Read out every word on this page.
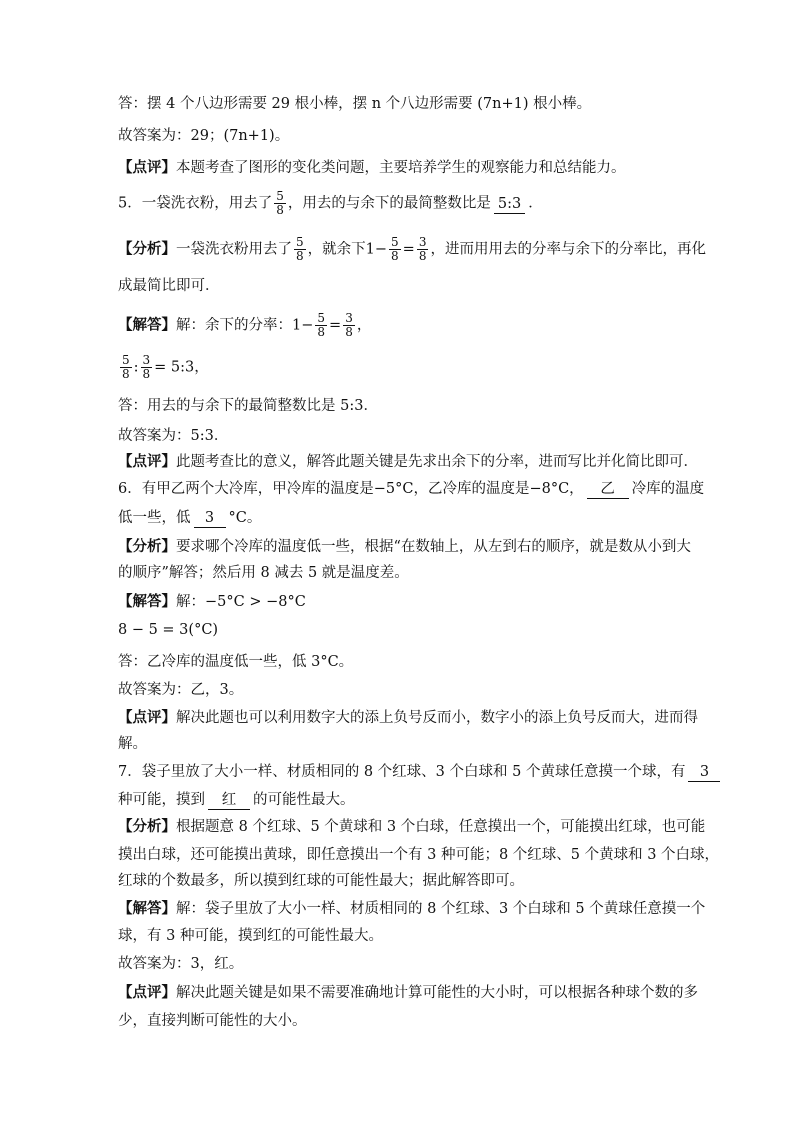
答：摆 4 个八边形需要 29 根小棒，摆 n 个八边形需要 (7n+1) 根小棒。
故答案为：29；(7n+1)。
【点评】本题考查了图形的变化类问题，主要培养学生的观察能力和总结能力。
5．一袋洗衣粉，用去了 $\frac{5}{8}$ ，用去的与余下的最简整数比是 5:3 ．
【分析】一袋洗衣粉用去了 $\frac{5}{8}$ ，就余下$1- \frac{5}{8} = \frac{3}{8}$ ，进而用用去的分率与余下的分率比，再化
成最简比即可．
【解答】解：余下的分率：$1- \frac{5}{8} = \frac{3}{8}$ ，
$\frac{5}{8}$ : $\frac{3}{8}$ = 5:3，
答：用去的与余下的最简整数比是 5:3．
故答案为：5:3．
【点评】此题考查比的意义，解答此题关键是先求出余下的分率，进而写比并化简比即可．
6．有甲乙两个大冷库，甲冷库的温度是−5°C，乙冷库的温度是−8°C， 乙 冷库的温度
低一些，低 3 °C。
【分析】要求哪个冷库的温度低一些，根据“在数轴上，从左到右的顺序，就是数从小到大
的顺序”解答；然后用 8 减去 5 就是温度差。
【解答】解：−5°C > −8°C
8 − 5 = 3(°C)
答：乙冷库的温度低一些，低 3°C。
故答案为：乙，3。
【点评】解决此题也可以利用数字大的添上负号反而小，数字小的添上负号反而大，进而得
解。
7．袋子里放了大小一样、材质相同的 8 个红球、3 个白球和 5 个黄球任意摸一个球，有 3
种可能，摸到 红 的可能性最大。
【分析】根据题意 8 个红球、5 个黄球和 3 个白球，任意摸出一个，可能摸出红球，也可能
摸出白球，还可能摸出黄球，即任意摸出一个有 3 种可能；8 个红球、5 个黄球和 3 个白球，
红球的个数最多，所以摸到红球的可能性最大；据此解答即可。
【解答】解：袋子里放了大小一样、材质相同的 8 个红球、3 个白球和 5 个黄球任意摸一个
球，有 3 种可能，摸到红的可能性最大。
故答案为：3，红。
【点评】解决此题关键是如果不需要准确地计算可能性的大小时，可以根据各种球个数的多
少，直接判断可能性的大小。
